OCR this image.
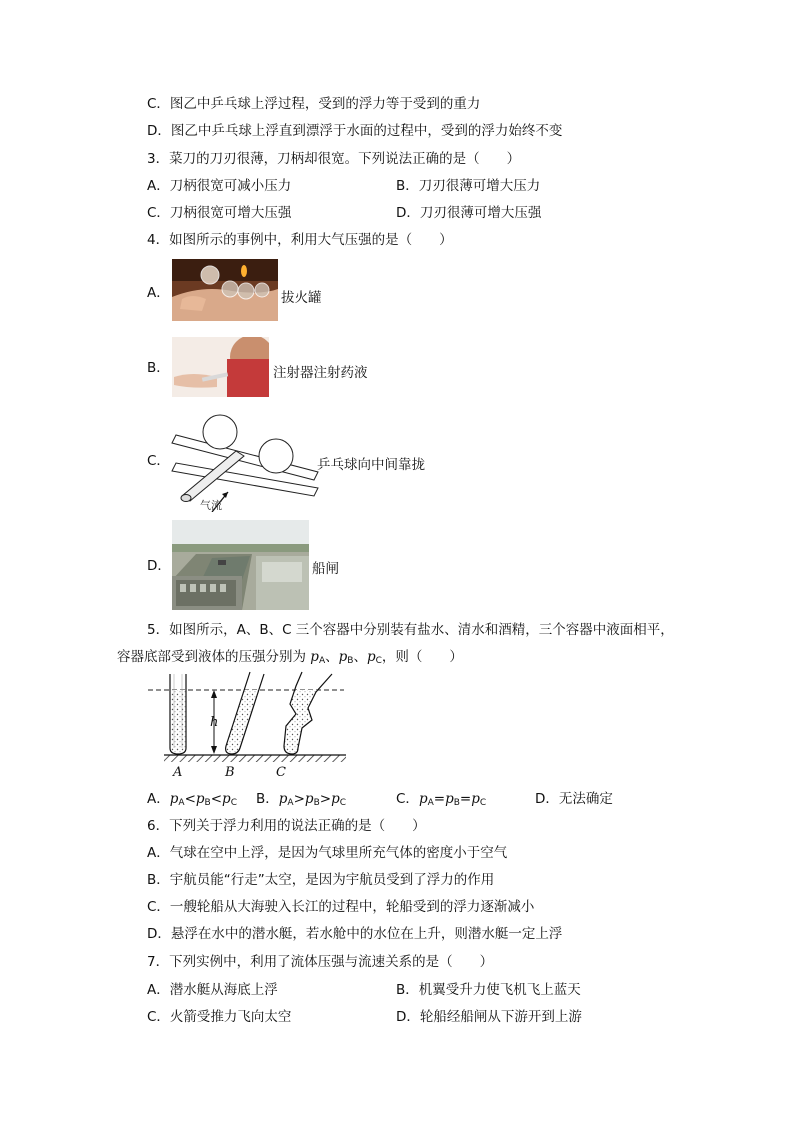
C．图乙中乒乓球上浮过程，受到的浮力等于受到的重力
D．图乙中乒乓球上浮直到漂浮于水面的过程中，受到的浮力始终不变
3．菜刀的刀刃很薄，刀柄却很宽。下列说法正确的是（　　）
A．刀柄很宽可减小压力	B．刀刃很薄可增大压力
C．刀柄很宽可增大压强	D．刀刃很薄可增大压强
4．如图所示的事例中，利用大气压强的是（　　）
A．	拔火罐
B．	注射器注射药液
C．
气流
乒乓球向中间靠拢
D．	船闸
5．如图所示，A、B、C 三个容器中分别装有盐水、清水和酒精，三个容器中液面相平，
容器底部受到液体的压强分别为 $p_A$、$p_B$、$p_C$，则（　　）
h
A	B	C
A．$p_A<p_B<p_C$ B．$p_A>p_B>p_C$	C．$p_A=p_B=p_C$	D．无法确定
6．下列关于浮力利用的说法正确的是（　　）
A．气球在空中上浮，是因为气球里所充气体的密度小于空气
B．宇航员能“行走”太空，是因为宇航员受到了浮力的作用
C．一艘轮船从大海驶入长江的过程中，轮船受到的浮力逐渐减小
D．悬浮在水中的潜水艇，若水舱中的水位在上升，则潜水艇一定上浮
7．下列实例中，利用了流体压强与流速关系的是（　　）
A．潜水艇从海底上浮	B．机翼受升力使飞机飞上蓝天
C．火箭受推力飞向太空	D．轮船经船闸从下游开到上游
